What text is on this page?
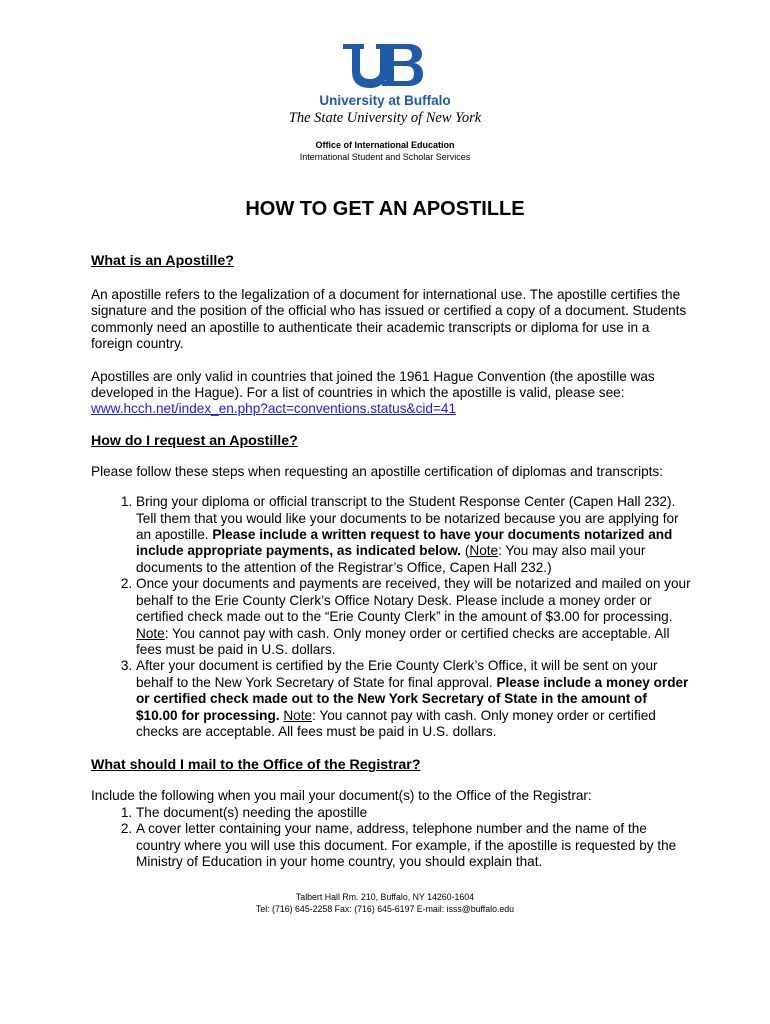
University at Buffalo
The State University of New York
Office of International Education
International Student and Scholar Services
HOW TO GET AN APOSTILLE
What is an Apostille?

An apostille refers to the legalization of a document for international use. The apostille certifies the signature and the position of the official who has issued or certified a copy of a document. Students commonly need an apostille to authenticate their academic transcripts or diploma for use in a foreign country.

Apostilles are only valid in countries that joined the 1961 Hague Convention (the apostille was developed in the Hague). For a list of countries in which the apostille is valid, please see:
www.hcch.net/index_en.php?act=conventions.status&cid=41

How do I request an Apostille?

Please follow these steps when requesting an apostille certification of diplomas and transcripts:

1. Bring your diploma or official transcript to the Student Response Center (Capen Hall 232). Tell them that you would like your documents to be notarized because you are applying for an apostille. Please include a written request to have your documents notarized and include appropriate payments, as indicated below. (Note: You may also mail your documents to the attention of the Registrar’s Office, Capen Hall 232.)
2. Once your documents and payments are received, they will be notarized and mailed on your behalf to the Erie County Clerk’s Office Notary Desk. Please include a money order or certified check made out to the “Erie County Clerk” in the amount of $3.00 for processing. Note: You cannot pay with cash. Only money order or certified checks are acceptable. All fees must be paid in U.S. dollars.
3. After your document is certified by the Erie County Clerk’s Office, it will be sent on your behalf to the New York Secretary of State for final approval. Please include a money order or certified check made out to the New York Secretary of State in the amount of $10.00 for processing. Note: You cannot pay with cash. Only money order or certified checks are acceptable. All fees must be paid in U.S. dollars.
What should I mail to the Office of the Registrar?

Include the following when you mail your document(s) to the Office of the Registrar:

1. The document(s) needing the apostille
2. A cover letter containing your name, address, telephone number and the name of the country where you will use this document. For example, if the apostille is requested by the Ministry of Education in your home country, you should explain that.
Talbert Hall Rm. 210, Buffalo, NY 14260-1604
Tel: (716) 645-2258 Fax: (716) 645-6197 E-mail: isss@buffalo.edu
